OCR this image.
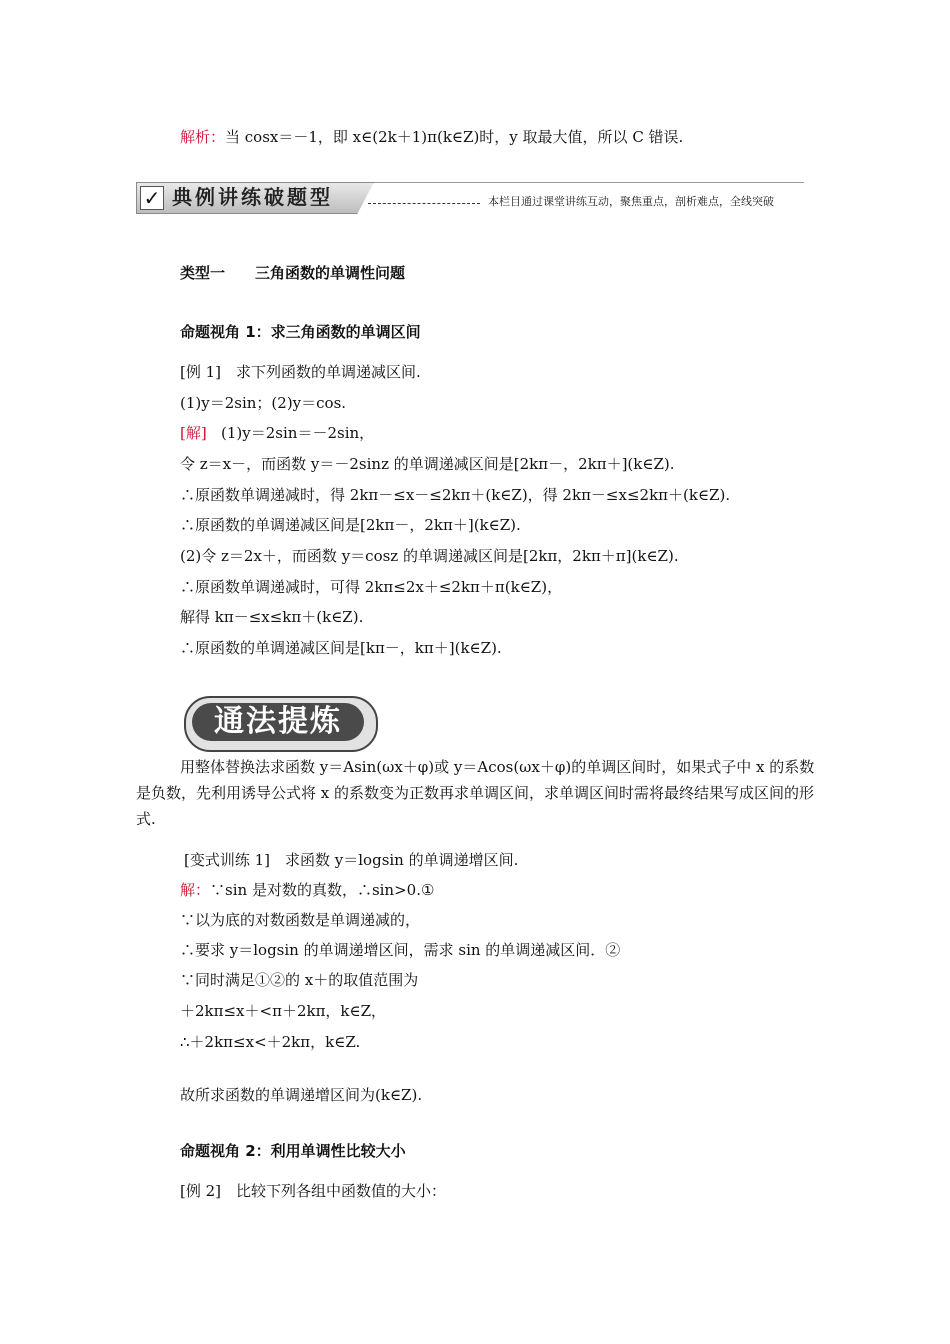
解析：当 cosx＝－1，即 x∈(2k＋1)π(k∈Z)时，y 取最大值，所以 C 错误.
✓ 典例讲练破题型	本栏目通过课堂讲练互动，聚焦重点，剖析难点，全线突破
类型一　　三角函数的单调性问题
命题视角 1：求三角函数的单调区间
[例 1]　求下列函数的单调递减区间.
(1)y＝2sin；(2)y＝cos.
[解] (1)y＝2sin＝－2sin，
令 z＝x－，而函数 y＝－2sinz 的单调递减区间是[2kπ－，2kπ＋](k∈Z).
∴原函数单调递减时，得 2kπ－≤x－≤2kπ＋(k∈Z)，得 2kπ－≤x≤2kπ＋(k∈Z).
∴原函数的单调递减区间是[2kπ－，2kπ＋](k∈Z).
(2)令 z＝2x＋，而函数 y＝cosz 的单调递减区间是[2kπ，2kπ＋π](k∈Z).
∴原函数单调递减时，可得 2kπ≤2x＋≤2kπ＋π(k∈Z)，
解得 kπ－≤x≤kπ＋(k∈Z).
∴原函数的单调递减区间是[kπ－，kπ＋](k∈Z).
通法提炼
用整体替换法求函数 y＝Asin(ωx＋φ)或 y＝Acos(ωx＋φ)的单调区间时，如果式子中 x 的系数是负数，先利用诱导公式将 x 的系数变为正数再求单调区间，求单调区间时需将最终结果写成区间的形式.
[变式训练 1]　求函数 y＝logsin 的单调递增区间.
解：∵sin 是对数的真数，∴sin>0.①
∵以为底的对数函数是单调递减的，
∴要求 y＝logsin 的单调递增区间，需求 sin 的单调递减区间．②
∵同时满足①②的 x＋的取值范围为
＋2kπ≤x＋<π＋2kπ，k∈Z，
∴＋2kπ≤x<＋2kπ，k∈Z.
故所求函数的单调递增区间为(k∈Z).
命题视角 2：利用单调性比较大小
[例 2]　比较下列各组中函数值的大小：
